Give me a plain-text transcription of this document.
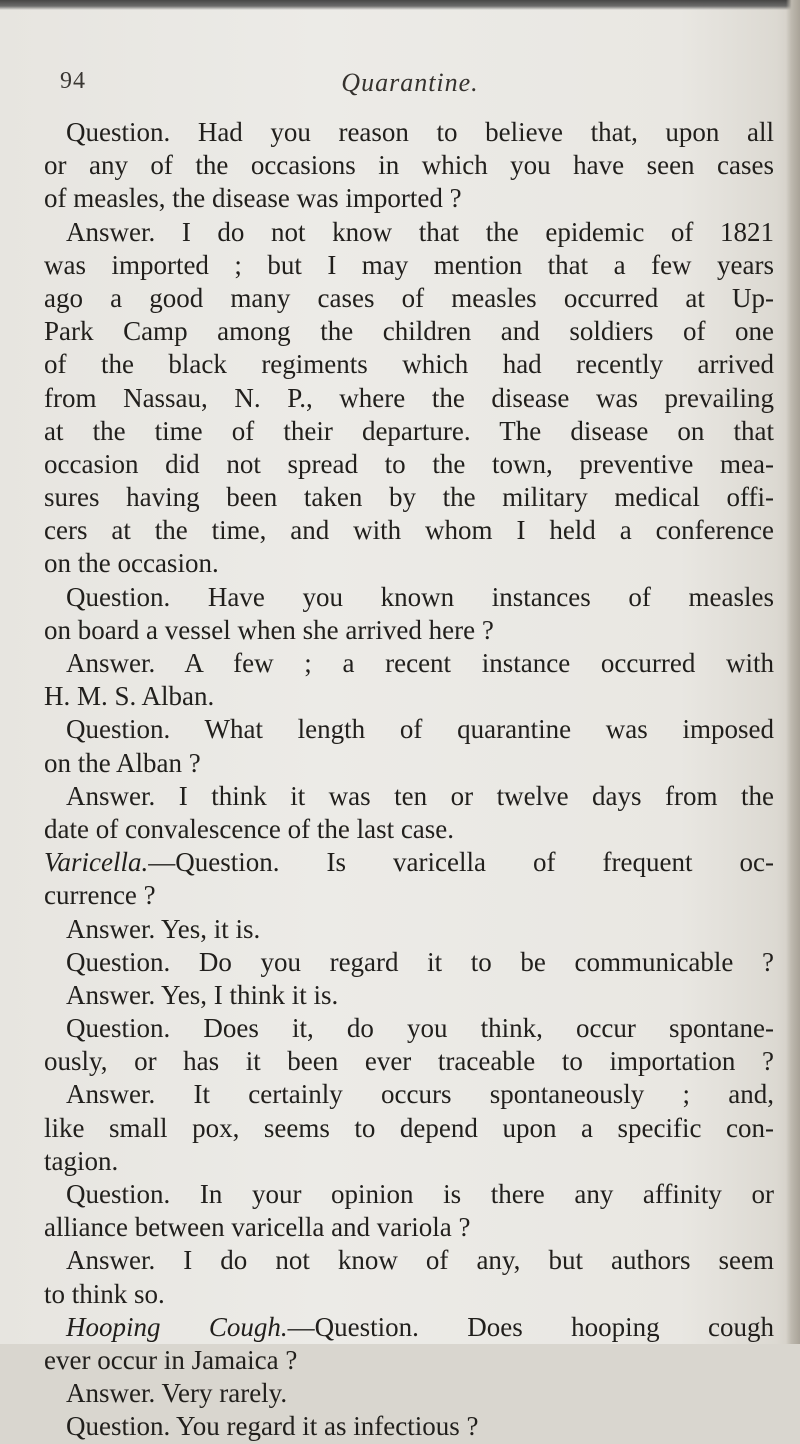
94	Quarantine.
Question. Had you reason to believe that, upon all
or any of the occasions in which you have seen cases
of measles, the disease was imported ?
Answer. I do not know that the epidemic of 1821
was imported ; but I may mention that a few years
ago a good many cases of measles occurred at Up-
Park Camp among the children and soldiers of one
of the black regiments which had recently arrived
from Nassau, N. P., where the disease was prevailing
at the time of their departure. The disease on that
occasion did not spread to the town, preventive mea-
sures having been taken by the military medical offi-
cers at the time, and with whom I held a conference
on the occasion.
Question. Have you known instances of measles
on board a vessel when she arrived here ?
Answer. A few ; a recent instance occurred with
H. M. S. Alban.
Question. What length of quarantine was imposed
on the Alban ?
Answer. I think it was ten or twelve days from the
date of convalescence of the last case.
Varicella.—Question. Is varicella of frequent oc-
currence ?
Answer. Yes, it is.
Question. Do you regard it to be communicable ?
Answer. Yes, I think it is.
Question. Does it, do you think, occur spontane-
ously, or has it been ever traceable to importation ?
Answer. It certainly occurs spontaneously ; and,
like small pox, seems to depend upon a specific con-
tagion.
Question. In your opinion is there any affinity or
alliance between varicella and variola ?
Answer. I do not know of any, but authors seem
to think so.
Hooping Cough.—Question. Does hooping cough
ever occur in Jamaica ?
Answer. Very rarely.
Question. You regard it as infectious ?
